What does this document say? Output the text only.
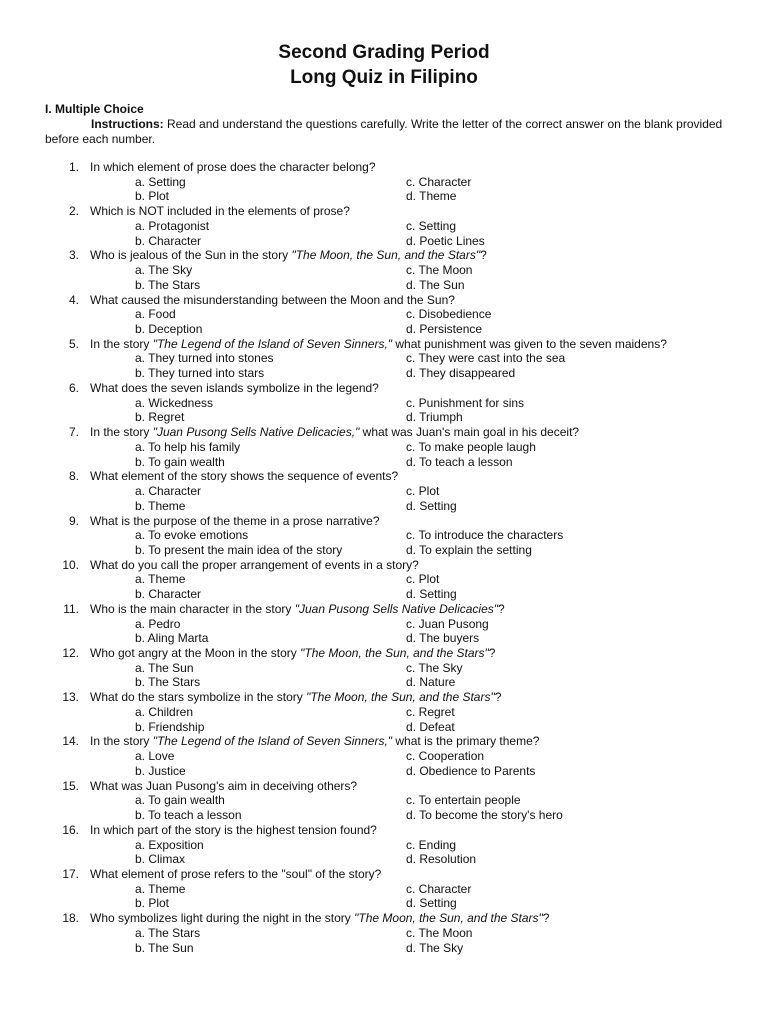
Second Grading Period
Long Quiz in Filipino
I. Multiple Choice

Instructions: Read and understand the questions carefully. Write the letter of the correct answer on the blank provided before each number.

1. In which element of prose does the character belong?
a. Setting
b. Plot
c. Character
d. Theme
2. Which is NOT included in the elements of prose?
a. Protagonist
b. Character
c. Setting
d. Poetic Lines
3. Who is jealous of the Sun in the story "The Moon, the Sun, and the Stars"?
a. The Sky
b. The Stars
c. The Moon
d. The Sun
4. What caused the misunderstanding between the Moon and the Sun?
a. Food
b. Deception
c. Disobedience
d. Persistence
5. In the story "The Legend of the Island of Seven Sinners," what punishment was given to the seven maidens?
a. They turned into stones
b. They turned into stars
c. They were cast into the sea
d. They disappeared
6. What does the seven islands symbolize in the legend?
a. Wickedness
b. Regret
c. Punishment for sins
d. Triumph
7. In the story "Juan Pusong Sells Native Delicacies," what was Juan's main goal in his deceit?
a. To help his family
b. To gain wealth
c. To make people laugh
d. To teach a lesson
8. What element of the story shows the sequence of events?
a. Character
b. Theme
c. Plot
d. Setting
9. What is the purpose of the theme in a prose narrative?
a. To evoke emotions
b. To present the main idea of the story
c. To introduce the characters
d. To explain the setting
10. What do you call the proper arrangement of events in a story?
a. Theme
b. Character
c. Plot
d. Setting
11. Who is the main character in the story "Juan Pusong Sells Native Delicacies"?
a. Pedro
b. Aling Marta
c. Juan Pusong
d. The buyers
12. Who got angry at the Moon in the story "The Moon, the Sun, and the Stars"?
a. The Sun
b. The Stars
c. The Sky
d. Nature
13. What do the stars symbolize in the story "The Moon, the Sun, and the Stars"?
a. Children
b. Friendship
c. Regret
d. Defeat
14. In the story "The Legend of the Island of Seven Sinners," what is the primary theme?
a. Love
b. Justice
c. Cooperation
d. Obedience to Parents
15. What was Juan Pusong's aim in deceiving others?
a. To gain wealth
b. To teach a lesson
c. To entertain people
d. To become the story's hero
16. In which part of the story is the highest tension found?
a. Exposition
b. Climax
c. Ending
d. Resolution
17. What element of prose refers to the "soul" of the story?
a. Theme
b. Plot
c. Character
d. Setting
18. Who symbolizes light during the night in the story "The Moon, the Sun, and the Stars"?
a. The Stars
b. The Sun
c. The Moon
d. The Sky
